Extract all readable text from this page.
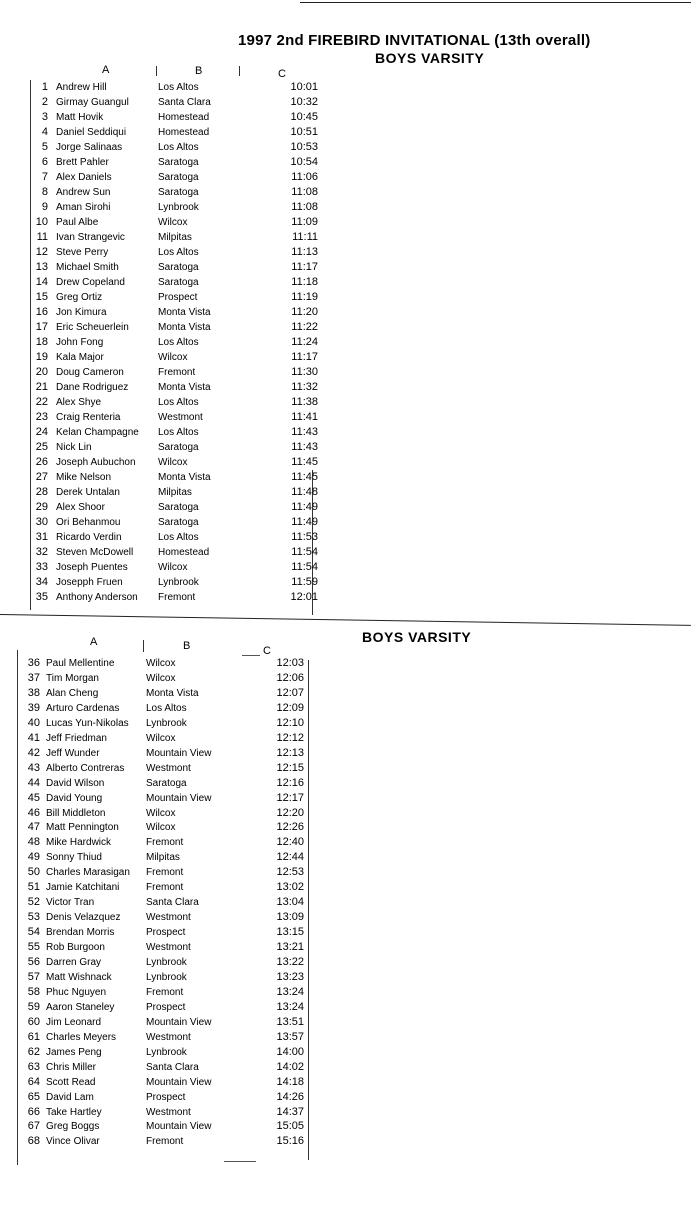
1997 2nd FIREBIRD INVITATIONAL (13th overall)
BOYS VARSITY
BOYS VARSITY
A	B	C
1 Andrew Hill	Los Altos	10:01
2 Girmay Guangul	Santa Clara	10:32
3 Matt Hovik	Homestead	10:45
4 Daniel Seddiqui	Homestead	10:51
5 Jorge Salinaas	Los Altos	10:53
6 Brett Pahler	Saratoga	10:54
7 Alex Daniels	Saratoga	11:06
8 Andrew Sun	Saratoga	11:08
9 Aman Sirohi	Lynbrook	11:08
10 Paul Albe	Wilcox	11:09
11 Ivan Strangevic	Milpitas	11:11
12 Steve Perry	Los Altos	11:13
13 Michael Smith	Saratoga	11:17
14 Drew Copeland	Saratoga	11:18
15 Greg Ortiz	Prospect	11:19
16 Jon Kimura	Monta Vista	11:20
17 Eric Scheuerlein	Monta Vista	11:22
18 John Fong	Los Altos	11:24
19 Kala Major	Wilcox	11:17
20 Doug Cameron	Fremont	11:30
21 Dane Rodriguez	Monta Vista	11:32
22 Alex Shye	Los Altos	11:38
23 Craig Renteria	Westmont	11:41
24 Kelan Champagne Los Altos	11:43
25 Nick Lin	Saratoga	11:43
26 Joseph Aubuchon Wilcox	11:45
27 Mike Nelson	Monta Vista	11:45
28 Derek Untalan	Milpitas	11:48
29 Alex Shoor	Saratoga	11:49
30 Ori Behanmou	Saratoga	11:49
31 Ricardo Verdin	Los Altos	11:53
32 Steven McDowell Homestead	11:54
33 Joseph Puentes	Wilcox	11:54
34 Josepph Fruen	Lynbrook	11:59
35 Anthony Anderson Fremont	12:01
A	B	C
36 Paul Mellentine	Wilcox	12:03
37 Tim Morgan	Wilcox	12:06
38 Alan Cheng	Monta Vista	12:07
39 Arturo Cardenas	Los Altos	12:09
40 Lucas Yun-Nikolas Lynbrook	12:10
41 Jeff Friedman	Wilcox	12:12
42 Jeff Wunder	Mountain View	12:13
43 Alberto Contreras Westmont	12:15
44 David Wilson	Saratoga	12:16
45 David Young	Mountain View	12:17
46 Bill Middleton	Wilcox	12:20
47 Matt Pennington	Wilcox	12:26
48 Mike Hardwick	Fremont	12:40
49 Sonny Thiud	Milpitas	12:44
50 Charles Marasigan Fremont	12:53
51 Jamie Katchitani	Fremont	13:02
52 Victor Tran	Santa Clara	13:04
53 Denis Velazquez	Westmont	13:09
54 Brendan Morris	Prospect	13:15
55 Rob Burgoon	Westmont	13:21
56 Darren Gray	Lynbrook	13:22
57 Matt Wishnack	Lynbrook	13:23
58 Phuc Nguyen	Fremont	13:24
59 Aaron Staneley	Prospect	13:24
60 Jim Leonard	Mountain View	13:51
61 Charles Meyers	Westmont	13:57
62 James Peng	Lynbrook	14:00
63 Chris Miller	Santa Clara	14:02
64 Scott Read	Mountain View	14:18
65 David Lam	Prospect	14:26
66 Take Hartley	Westmont	14:37
67 Greg Boggs	Mountain View	15:05
68 Vince Olivar	Fremont	15:16
